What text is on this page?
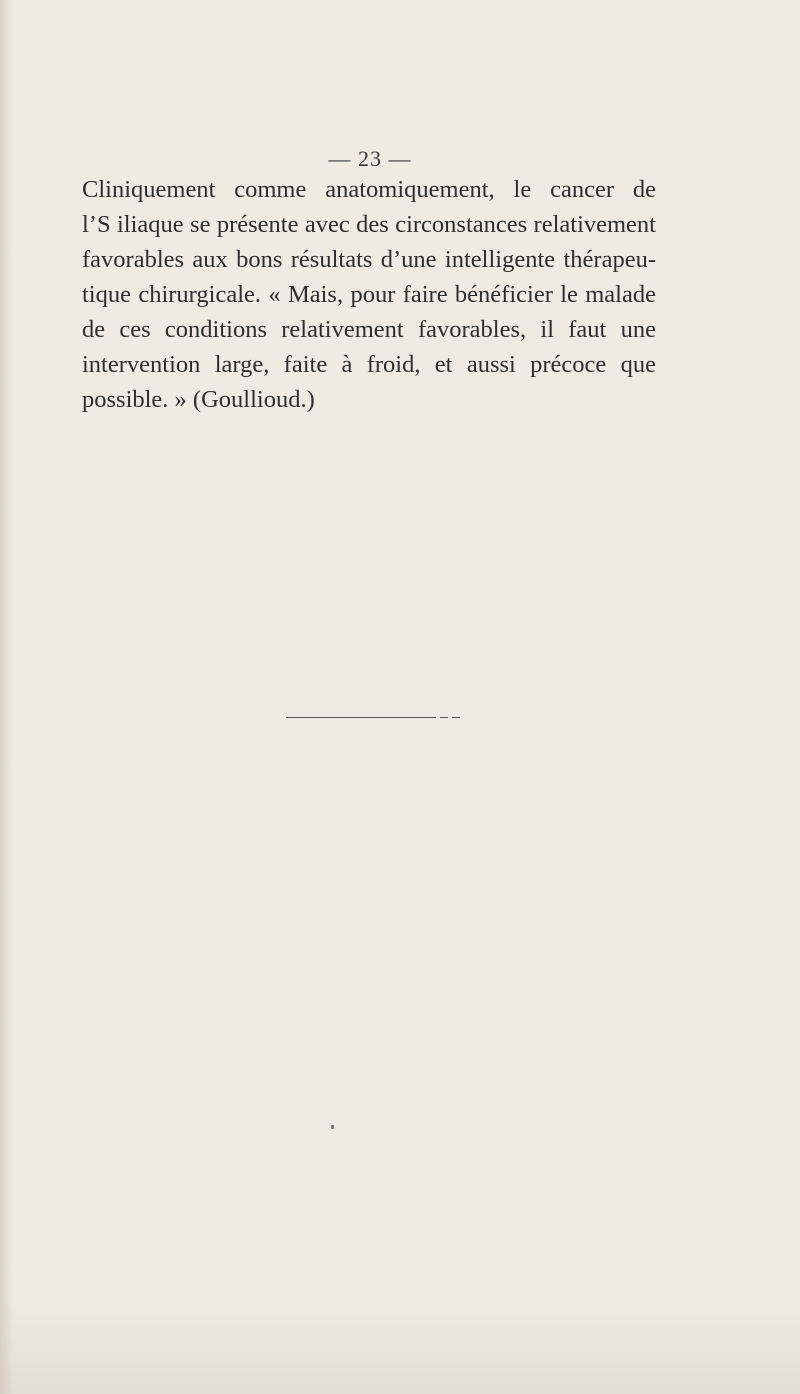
— 23 —

Cliniquement comme anatomiquement, le cancer de
l’S iliaque se présente avec des circonstances relativement
favorables aux bons résultats d’une intelligente thérapeu-
tique chirurgicale. « Mais, pour faire bénéficier le malade
de ces conditions relativement favorables, il faut une
intervention large, faite à froid, et aussi précoce que
possible. » (Goullioud.)
